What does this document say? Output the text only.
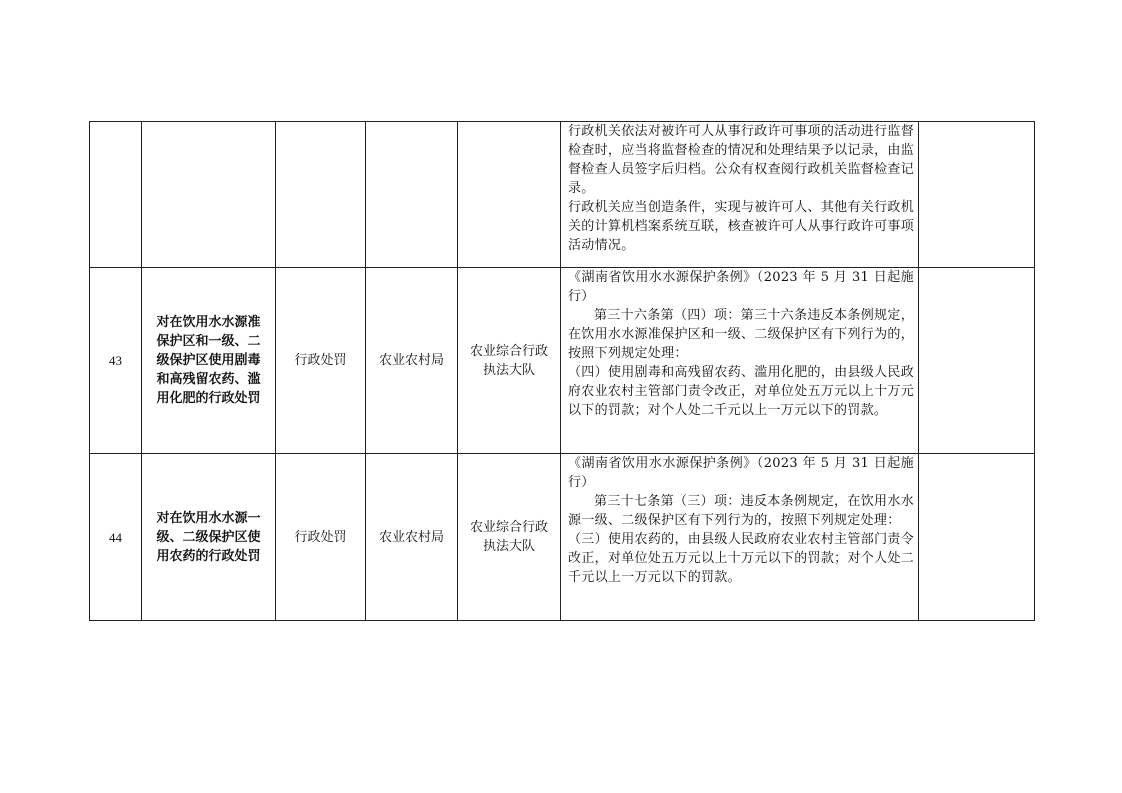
					行政机关依法对被许可人从事行政许可事项的活动进行监督检查时，应当将监督检查的情况和处理结果予以记录，由监督检查人员签字后归档。公众有权查阅行政机关监督检查记录。

行政机关应当创造条件，实现与被许可人、其他有关行政机关的计算机档案系统互联，核查被许可人从事行政许可事项活动情况。	

43	对在饮用水水源准保护区和一级、二级保护区使用剧毒和高残留农药、滥用化肥的行政处罚	行政处罚	农业农村局	农业综合行政执法大队	《湖南省饮用水水源保护条例》（2023 年 5 月 31 日起施行）

第三十六条第（四）项：第三十六条违反本条例规定，在饮用水水源准保护区和一级、二级保护区有下列行为的，按照下列规定处理：

（四）使用剧毒和高残留农药、滥用化肥的，由县级人民政府农业农村主管部门责令改正，对单位处五万元以上十万元以下的罚款；对个人处二千元以上一万元以下的罚款。	

44	对在饮用水水源一级、二级保护区使用农药的行政处罚	行政处罚	农业农村局	农业综合行政执法大队	《湖南省饮用水水源保护条例》（2023 年 5 月 31 日起施行）

第三十七条第（三）项：违反本条例规定，在饮用水水源一级、二级保护区有下列行为的，按照下列规定处理：

（三）使用农药的，由县级人民政府农业农村主管部门责令改正，对单位处五万元以上十万元以下的罚款；对个人处二千元以上一万元以下的罚款。	
